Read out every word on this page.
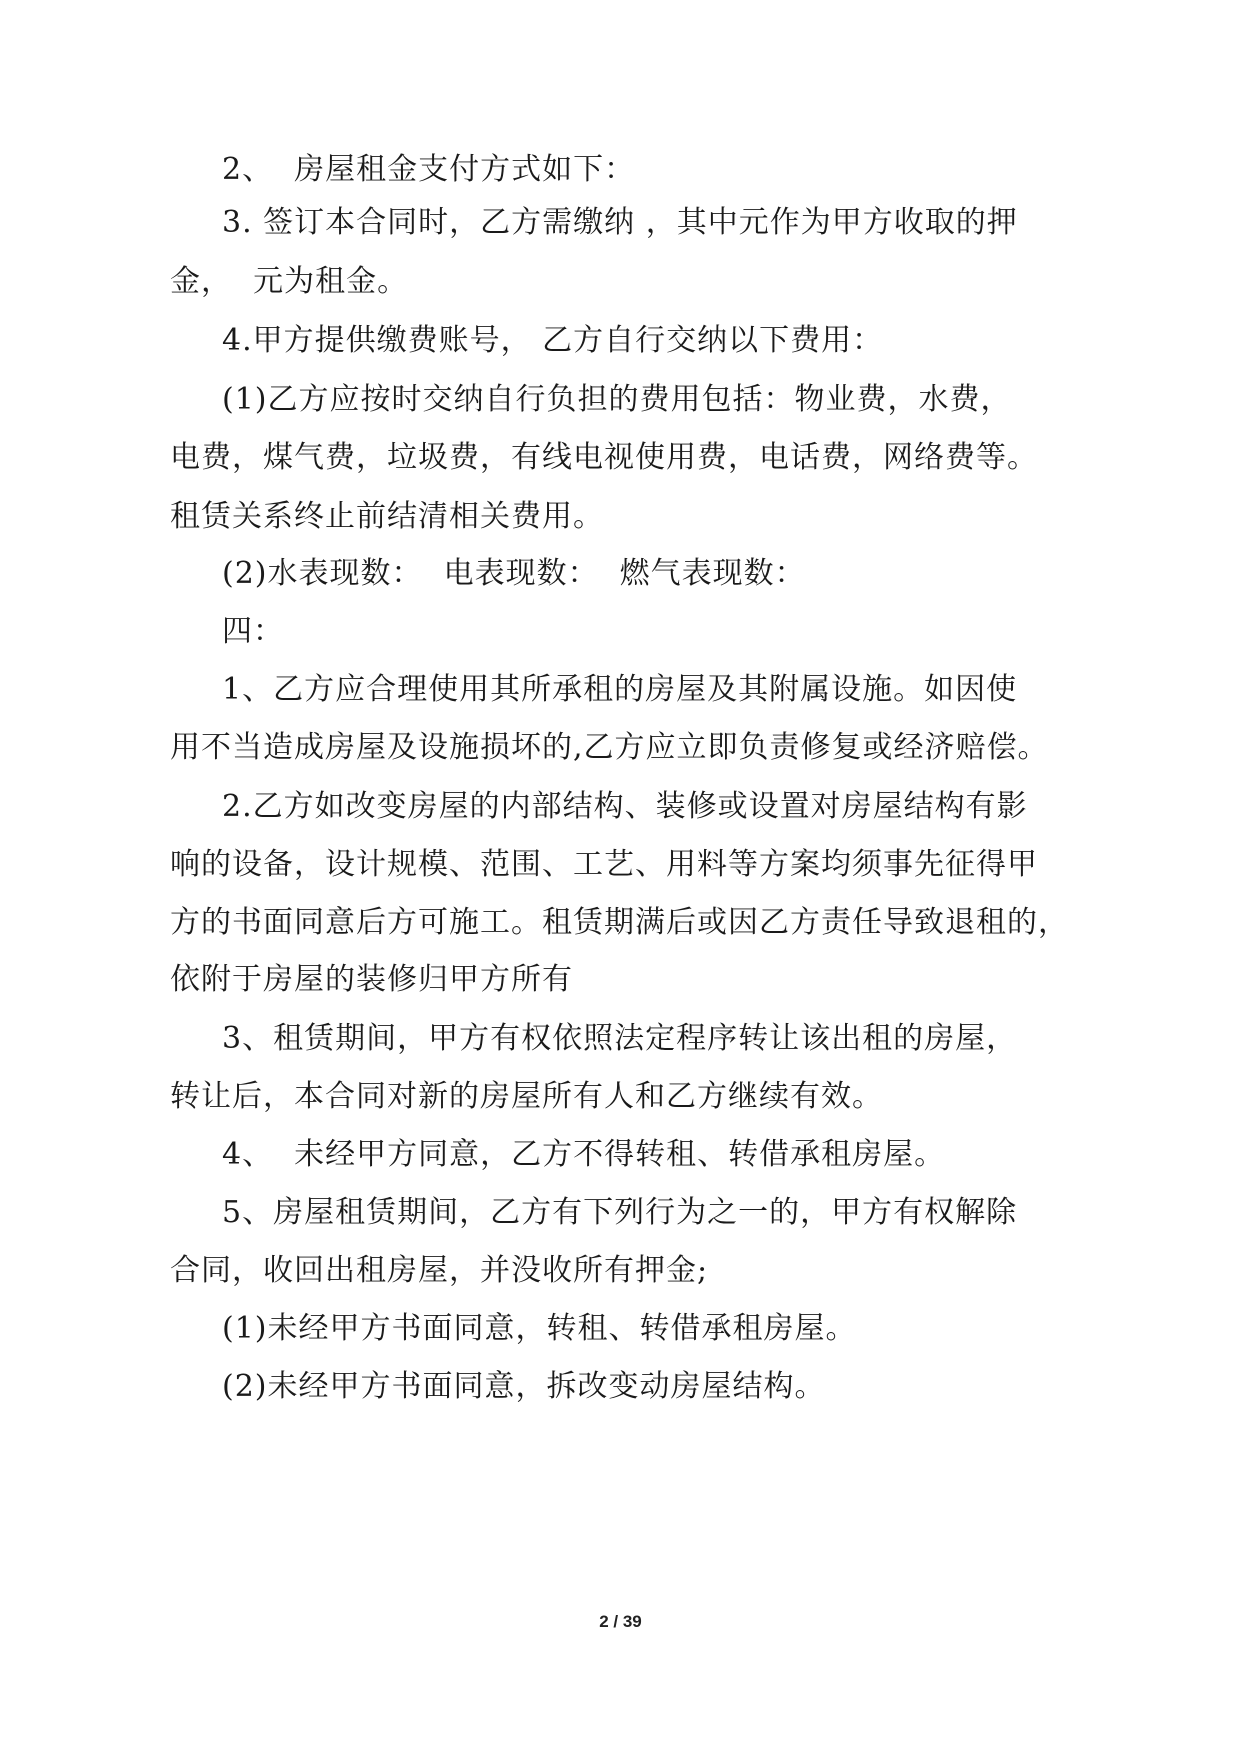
2、  房屋租金支付方式如下：
3. 签订本合同时，乙方需缴纳 ，其中元作为甲方收取的押
金，  元为租金。
4.甲方提供缴费账号， 乙方自行交纳以下费用：
(1)乙方应按时交纳自行负担的费用包括：物业费，水费，
电费，煤气费，垃圾费，有线电视使用费，电话费，网络费等。
租赁关系终止前结清相关费用。
(2)水表现数：  电表现数：  燃气表现数：
四：
1、乙方应合理使用其所承租的房屋及其附属设施。如因使
用不当造成房屋及设施损坏的,乙方应立即负责修复或经济赔偿。
2.乙方如改变房屋的内部结构、装修或设置对房屋结构有影
响的设备，设计规模、范围、工艺、用料等方案均须事先征得甲
方的书面同意后方可施工。租赁期满后或因乙方责任导致退租的，
依附于房屋的装修归甲方所有
3、租赁期间，甲方有权依照法定程序转让该出租的房屋，
转让后，本合同对新的房屋所有人和乙方继续有效。
4、  未经甲方同意，乙方不得转租、转借承租房屋。
5、房屋租赁期间，乙方有下列行为之一的，甲方有权解除
合同，收回出租房屋，并没收所有押金;
(1)未经甲方书面同意，转租、转借承租房屋。
(2)未经甲方书面同意，拆改变动房屋结构。
2 / 39
